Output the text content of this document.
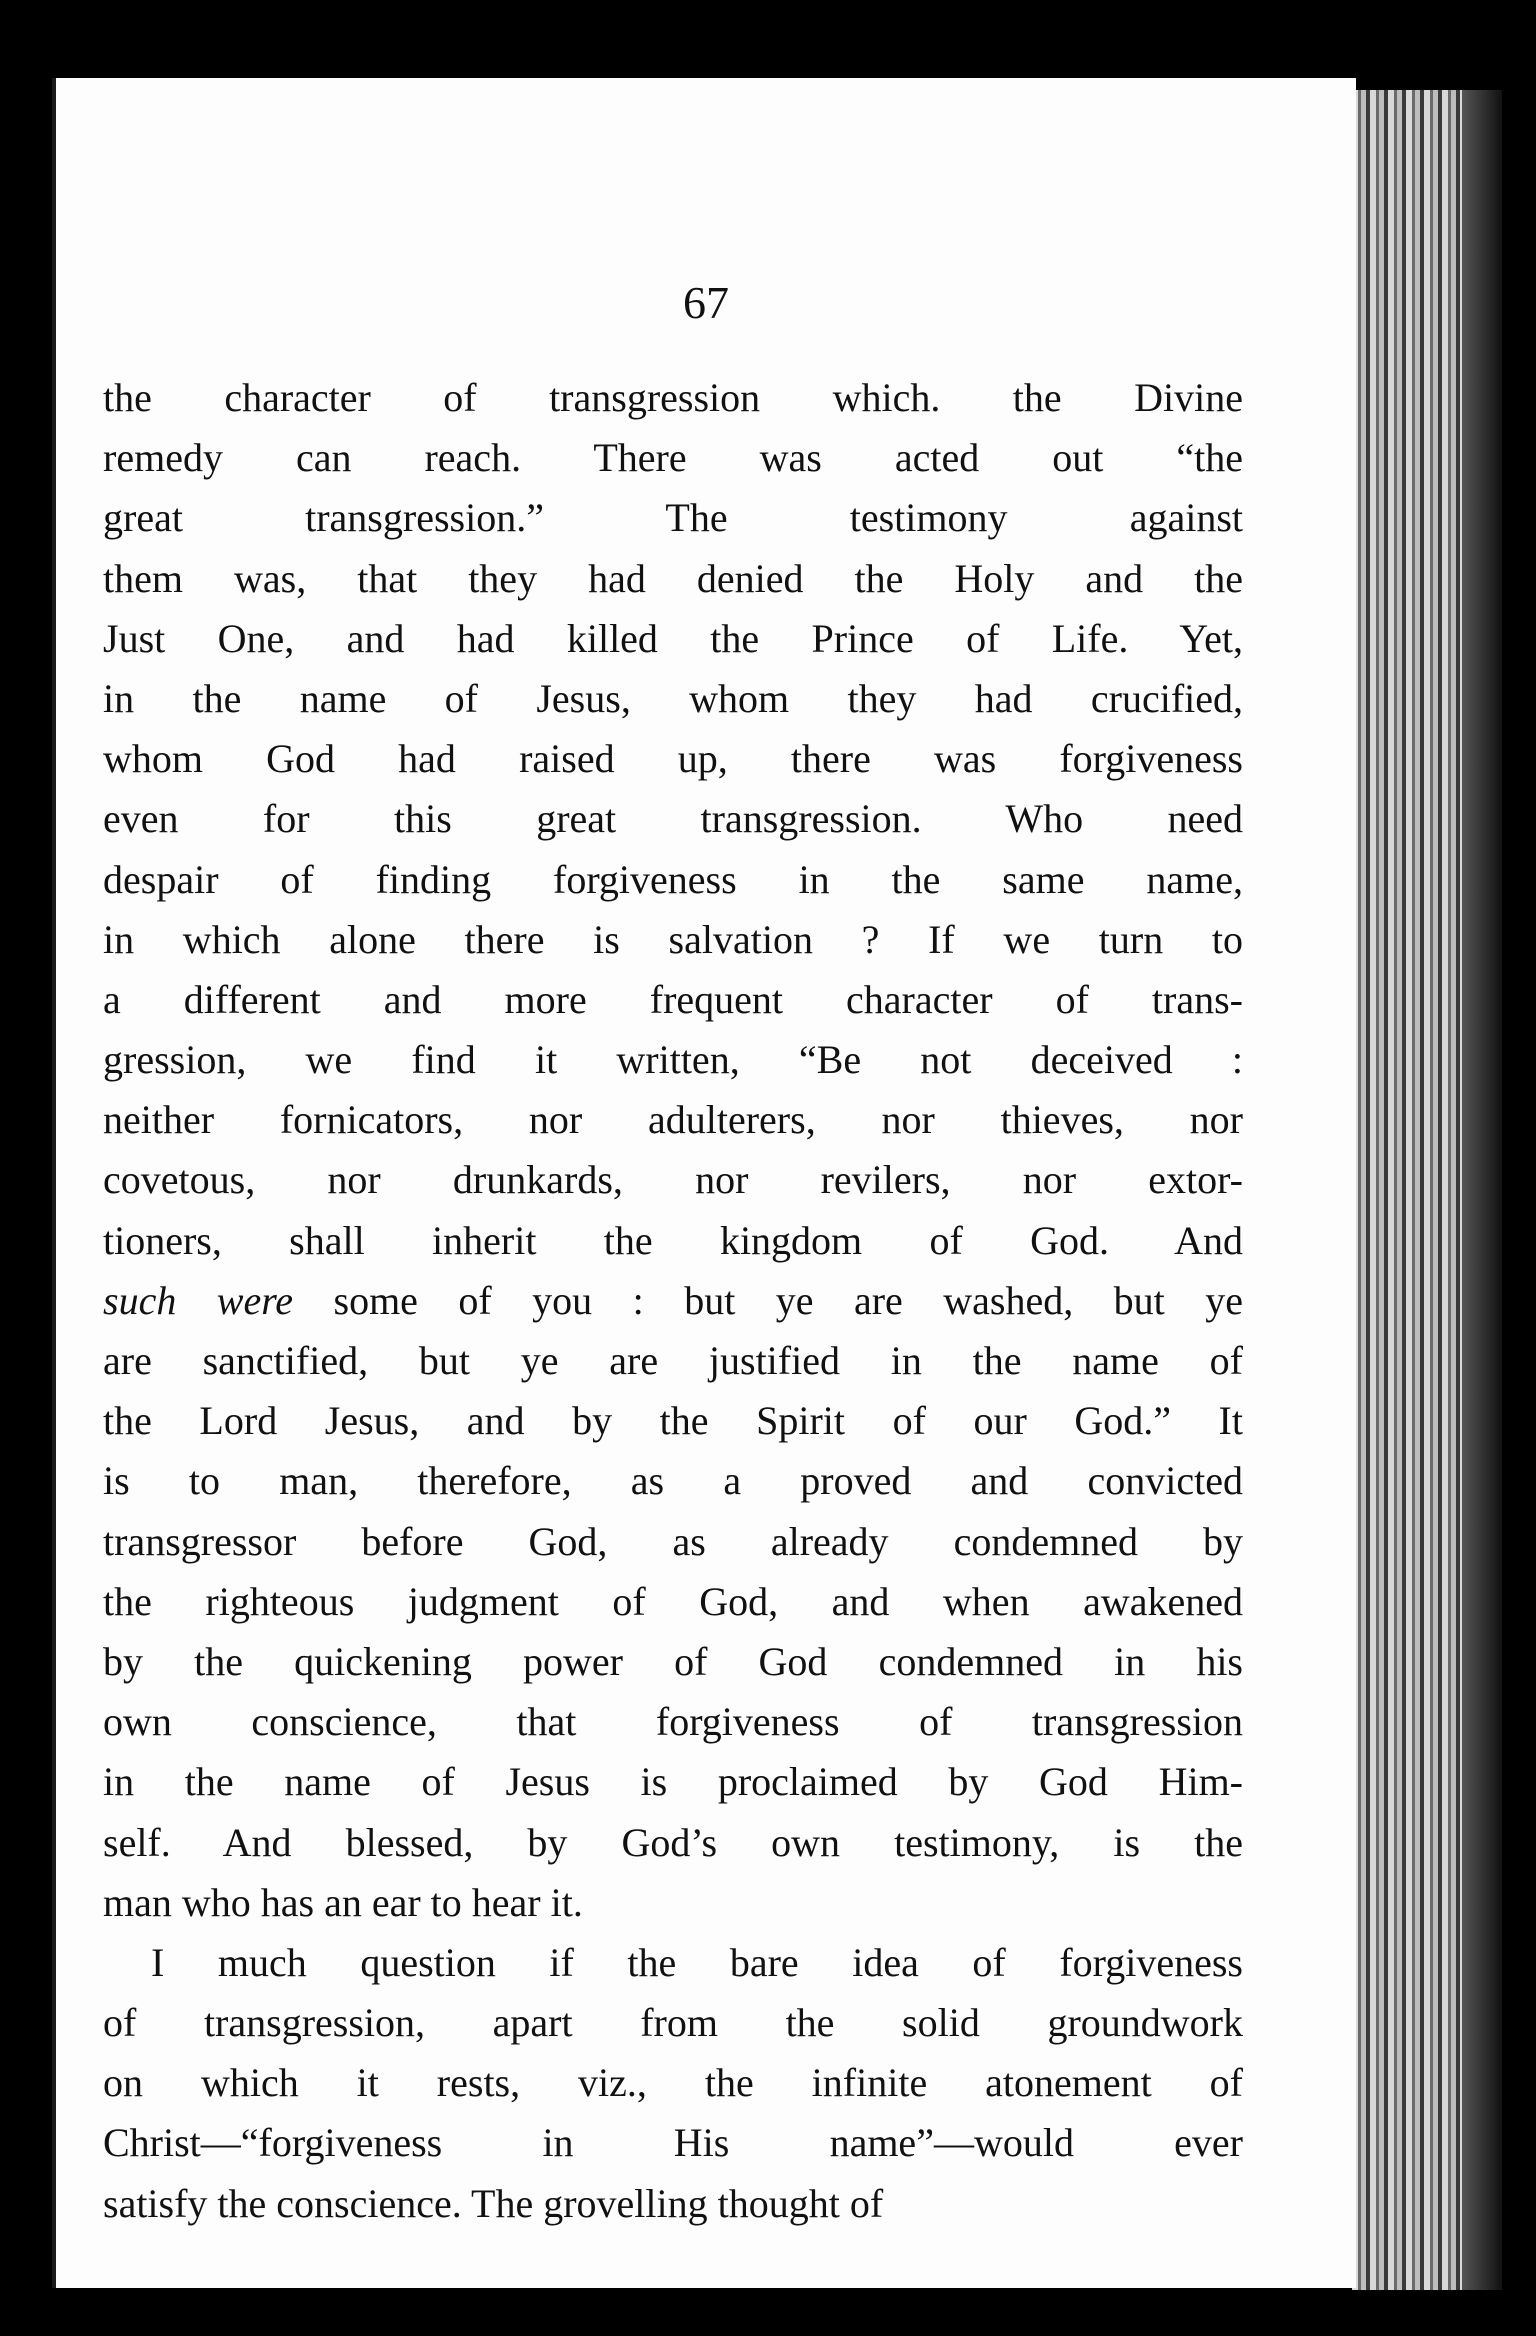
67
the character of transgression which. the Divine
remedy can reach. There was acted out “the
great transgression.” The testimony against
them was, that they had denied the Holy and the
Just One, and had killed the Prince of Life. Yet,
in the name of Jesus, whom they had crucified,
whom God had raised up, there was forgiveness
even for this great transgression. Who need
despair of finding forgiveness in the same name,
in which alone there is salvation ? If we turn to
a different and more frequent character of trans-
gression, we find it written, “Be not deceived :
neither fornicators, nor adulterers, nor thieves, nor
covetous, nor drunkards, nor revilers, nor extor-
tioners, shall inherit the kingdom of God. And
such were some of you : but ye are washed, but ye
are sanctified, but ye are justified in the name of
the Lord Jesus, and by the Spirit of our God.” It
is to man, therefore, as a proved and convicted
transgressor before God, as already condemned by
the righteous judgment of God, and when awakened
by the quickening power of God condemned in his
own conscience, that forgiveness of transgression
in the name of Jesus is proclaimed by God Him-
self. And blessed, by God’s own testimony, is the
man who has an ear to hear it.
I much question if the bare idea of forgiveness
of transgression, apart from the solid groundwork
on which it rests, viz., the infinite atonement of
Christ—“forgiveness in His name”—would ever
satisfy the conscience. The grovelling thought of
